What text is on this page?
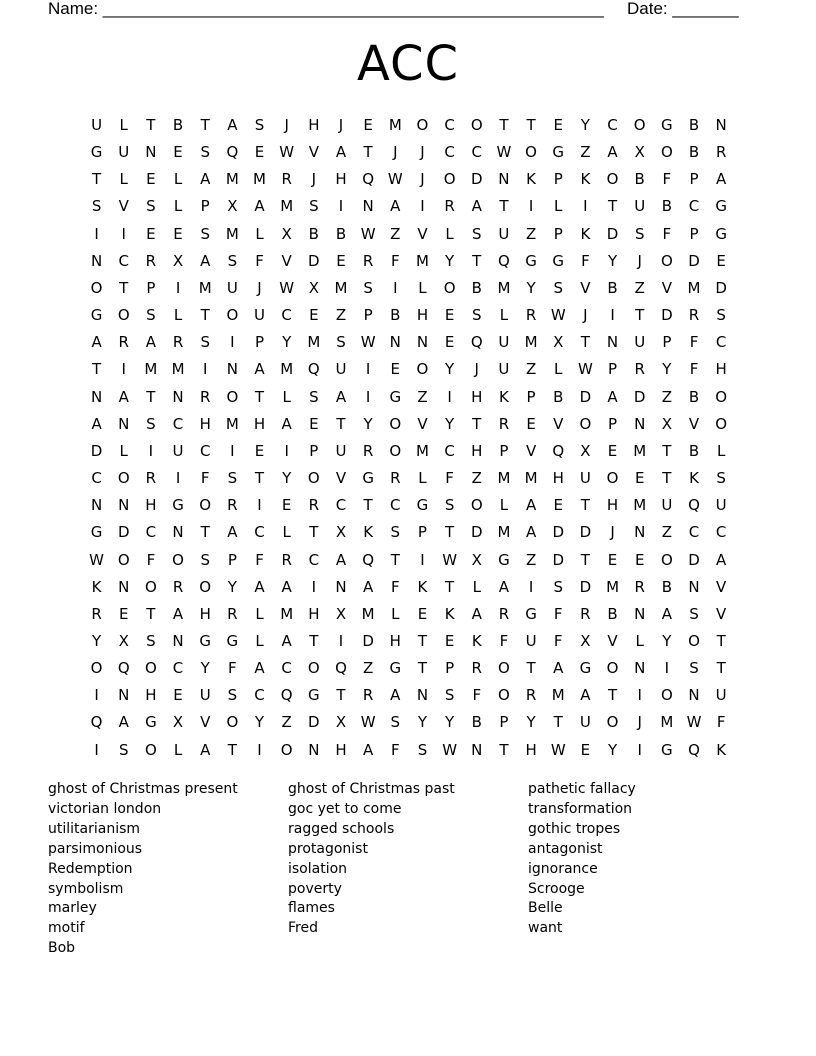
Name: _____________________________________________________ Date: _______
ACC
U	L	T	B	T	A	S	J	H	J	E	M O	C	O	T	T	E	Y	C	O	G	B	N
G	U	N	E	S	Q	E	W V	A	T	J	J	C	C W O	G	Z	A	X	O	B	R
T	L	E	L	A	M M	R	J	H	Q W	J	O	D	N	K	P	K	O	B	F	P	A
S	V	S	L	P	X	A	M	S	I	N	A	I	R	A	T	I	L	I	T	U	B	C	G
I	I	E	E	S	M	L	X	B	B W Z	V	L	S	U	Z	P	K	D	S	F	P	G
N	C	R	X	A	S	F	V	D	E	R	F	M	Y	T	Q	G	G	F	Y	J	O	D	E
O	T	P	I	M	U	J	W X	M	S	I	L	O	B	M	Y	S	V	B	Z	V	M D
G	O	S	L	T	O	U	C	E	Z	P	B	H	E	S	L	R W	J	I	T	D	R	S
A	R	A	R	S	I	P	Y	M	S W N	N	E	Q	U	M	X	T	N	U	P	F	C
T	I	M M	I	N	A	M Q	U	I	E	O	Y	J	U	Z	L	W	P	R	Y	F	H
N	A	T	N	R	O	T	L	S	A	I	G	Z	I	H	K	P	B	D	A	D	Z	B	O
A	N	S	C	H	M	H	A	E	T	Y	O	V	Y	T	R	E	V	O	P	N	X	V	O
D	L	I	U	C	I	E	I	P	U	R	O M	C	H	P	V	Q	X	E	M	T	B	L
C	O	R	I	F	S	T	Y	O	V	G	R	L	F	Z	M M	H	U	O	E	T	K	S
N	N	H	G	O	R	I	E	R	C	T	C	G	S	O	L	A	E	T	H	M	U	Q	U
G	D	C	N	T	A	C	L	T	X	K	S	P	T	D M	A	D	D	J	N	Z	C	C
W O	F	O	S	P	F	R	C	A	Q	T	I	W X	G	Z	D	T	E	E	O	D	A
K	N	O	R	O	Y	A	A	I	N	A	F	K	T	L	A	I	S	D M	R	B	N	V
R	E	T	A	H	R	L	M	H	X	M	L	E	K	A	R	G	F	R	B	N	A	S	V
Y	X	S	N	G	G	L	A	T	I	D	H	T	E	K	F	U	F	X	V	L	Y	O	T
O	Q	O	C	Y	F	A	C	O	Q	Z	G	T	P	R	O	T	A	G	O	N	I	S	T
I	N	H	E	U	S	C	Q	G	T	R	A	N	S	F	O	R	M	A	T	I	O	N	U
Q	A	G	X	V	O	Y	Z	D	X W S	Y	Y	B	P	Y	T	U	O	J	M W	F
I	S	O	L	A	T	I	O	N	H	A	F	S W N	T	H W E	Y	I	G	Q	K
ghost of Christmas present
victorian london
utilitarianism
parsimonious
Redemption
symbolism
marley
motif
Bob
ghost of Christmas past
goc yet to come
ragged schools
protagonist
isolation
poverty
flames
Fred
pathetic fallacy
transformation
gothic tropes
antagonist
ignorance
Scrooge
Belle
want
